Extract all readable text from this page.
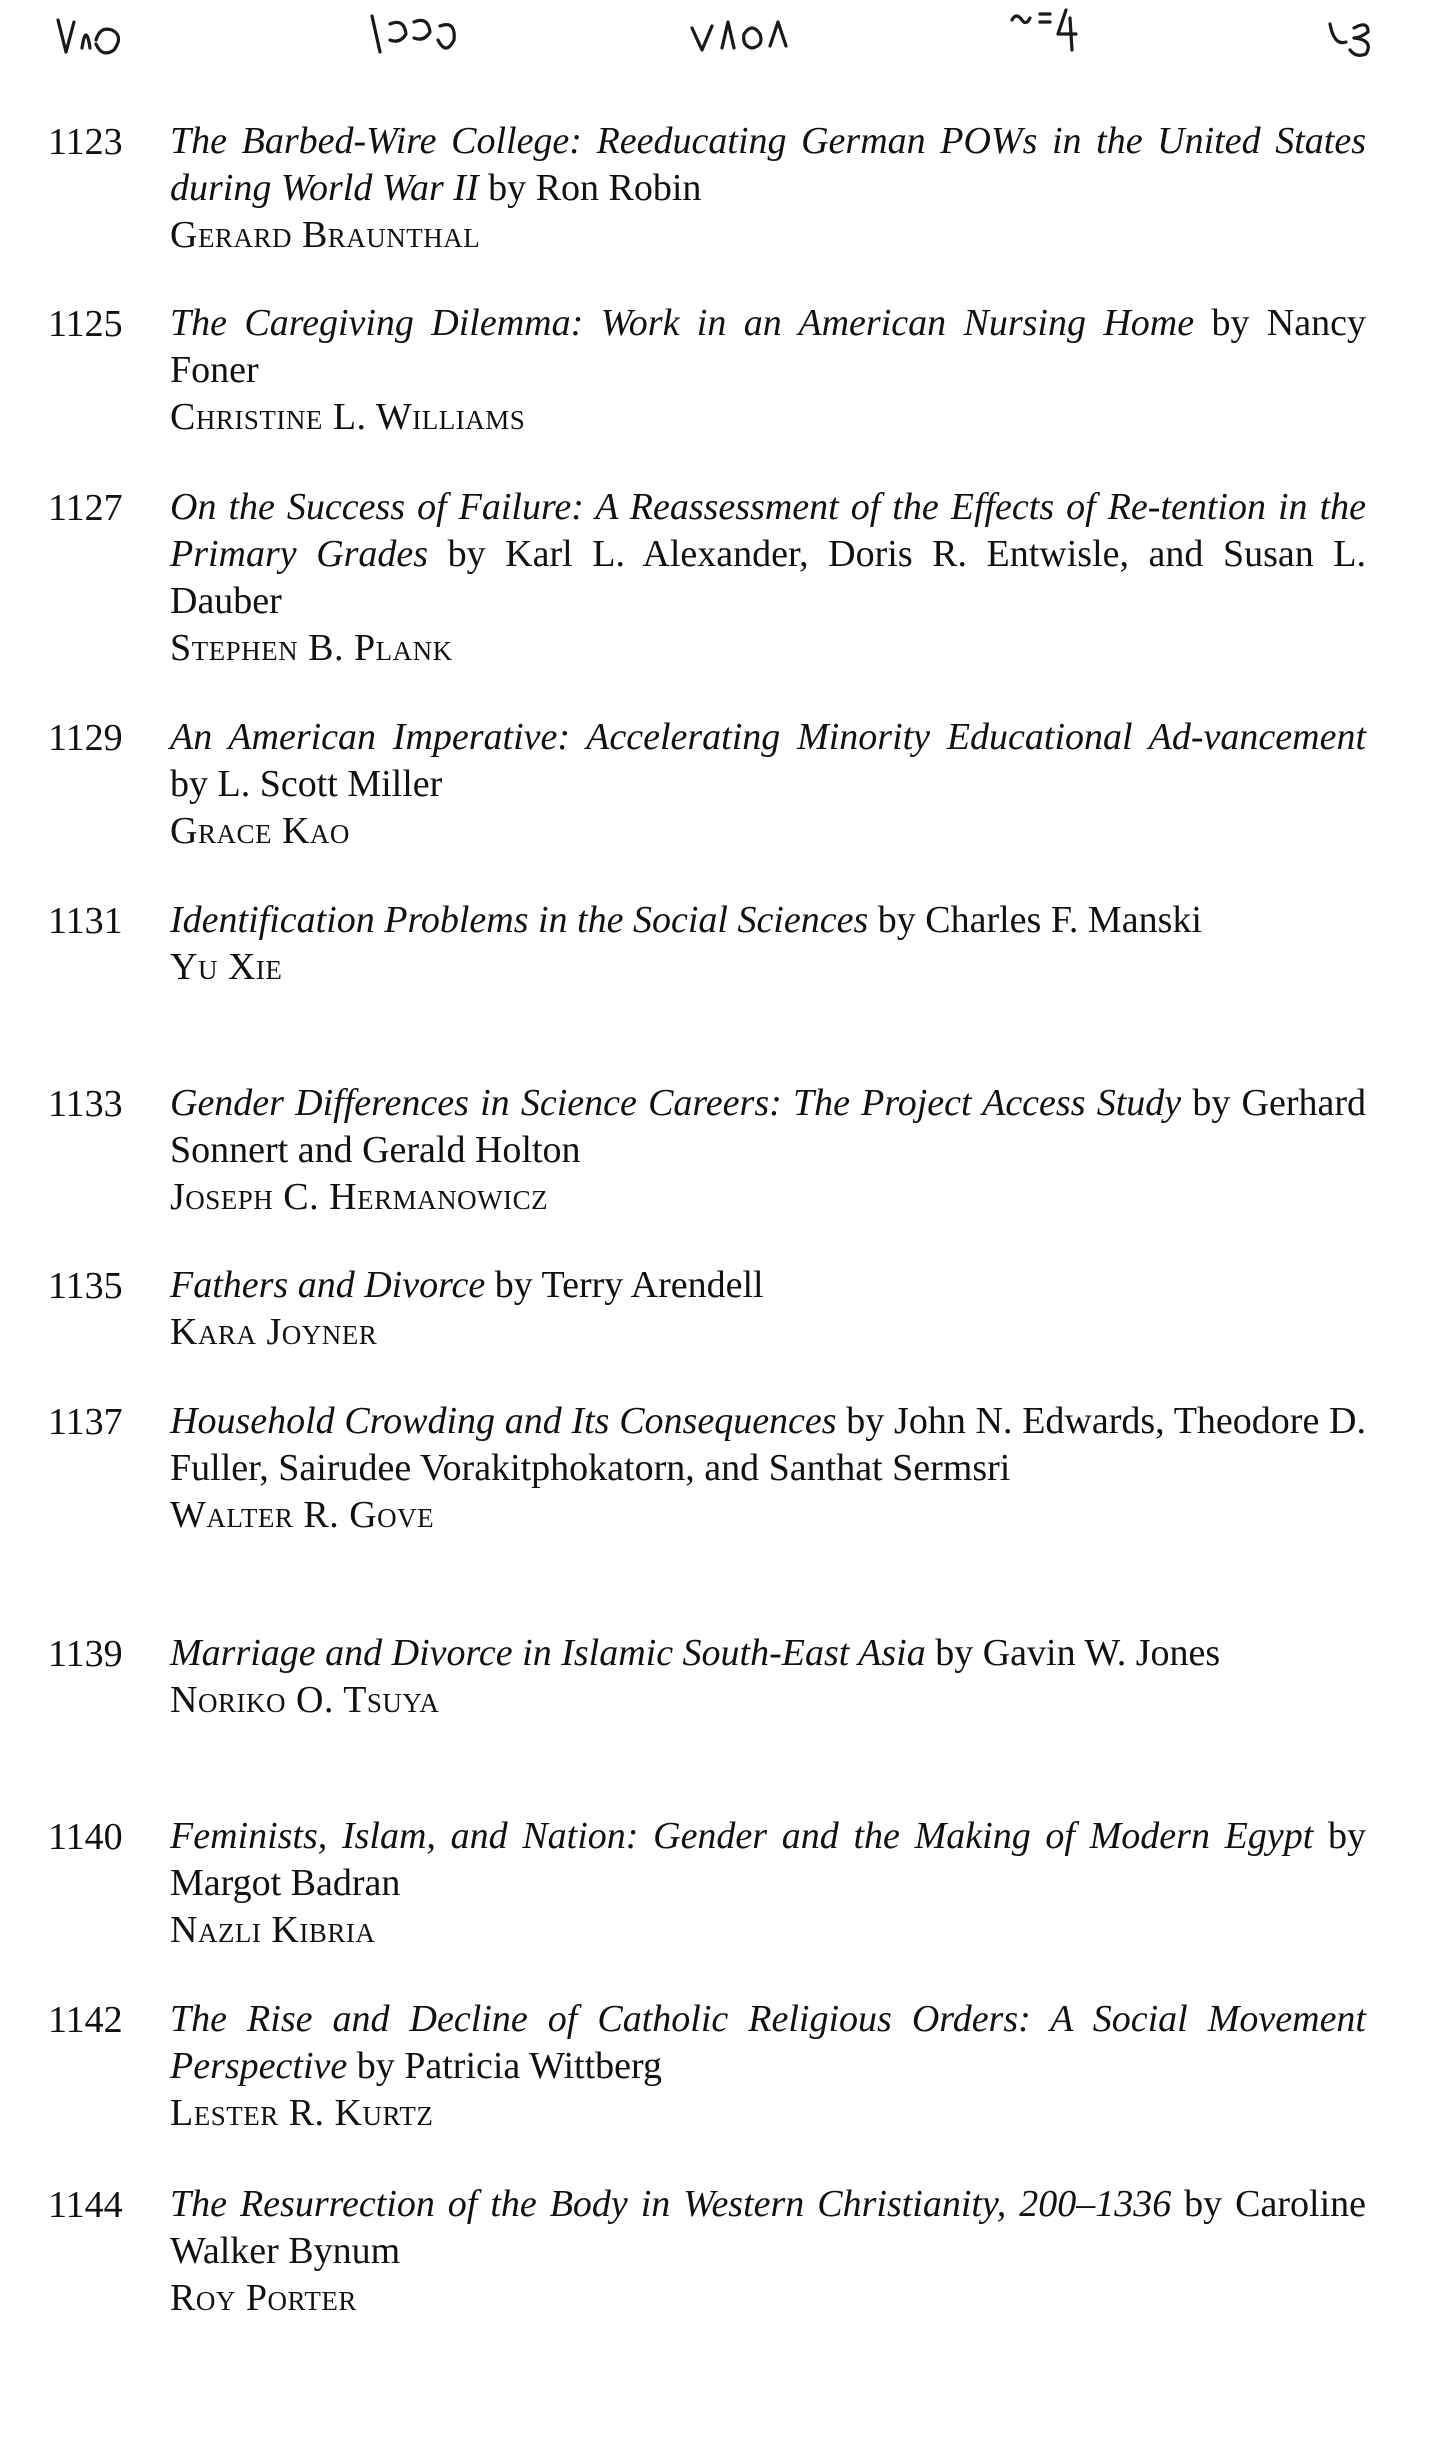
1123	The Barbed-Wire College: Reeducating German POWs in the United States during World War II by Ron Robin

Gerard Braunthal

1125	The Caregiving Dilemma: Work in an American Nursing Home by Nancy Foner

Christine L. Williams

1127	On the Success of Failure: A Reassessment of the Effects of Re-tention in the Primary Grades by Karl L. Alexander, Doris R. Entwisle, and Susan L. Dauber

Stephen B. Plank

1129	An American Imperative: Accelerating Minority Educational Ad-vancement by L. Scott Miller

Grace Kao

1131	Identification Problems in the Social Sciences by Charles F. Manski

Yu Xie

1133	Gender Differences in Science Careers: The Project Access Study by Gerhard Sonnert and Gerald Holton

Joseph C. Hermanowicz

1135	Fathers and Divorce by Terry Arendell

Kara Joyner

1137	Household Crowding and Its Consequences by John N. Edwards, Theodore D. Fuller, Sairudee Vorakitphokatorn, and Santhat Sermsri

Walter R. Gove

1139	Marriage and Divorce in Islamic South-East Asia by Gavin W. Jones

Noriko O. Tsuya

1140	Feminists, Islam, and Nation: Gender and the Making of Modern Egypt by Margot Badran

Nazli Kibria

1142	The Rise and Decline of Catholic Religious Orders: A Social Movement Perspective by Patricia Wittberg

Lester R. Kurtz

1144	The Resurrection of the Body in Western Christianity, 200–1336 by Caroline Walker Bynum

Roy Porter
